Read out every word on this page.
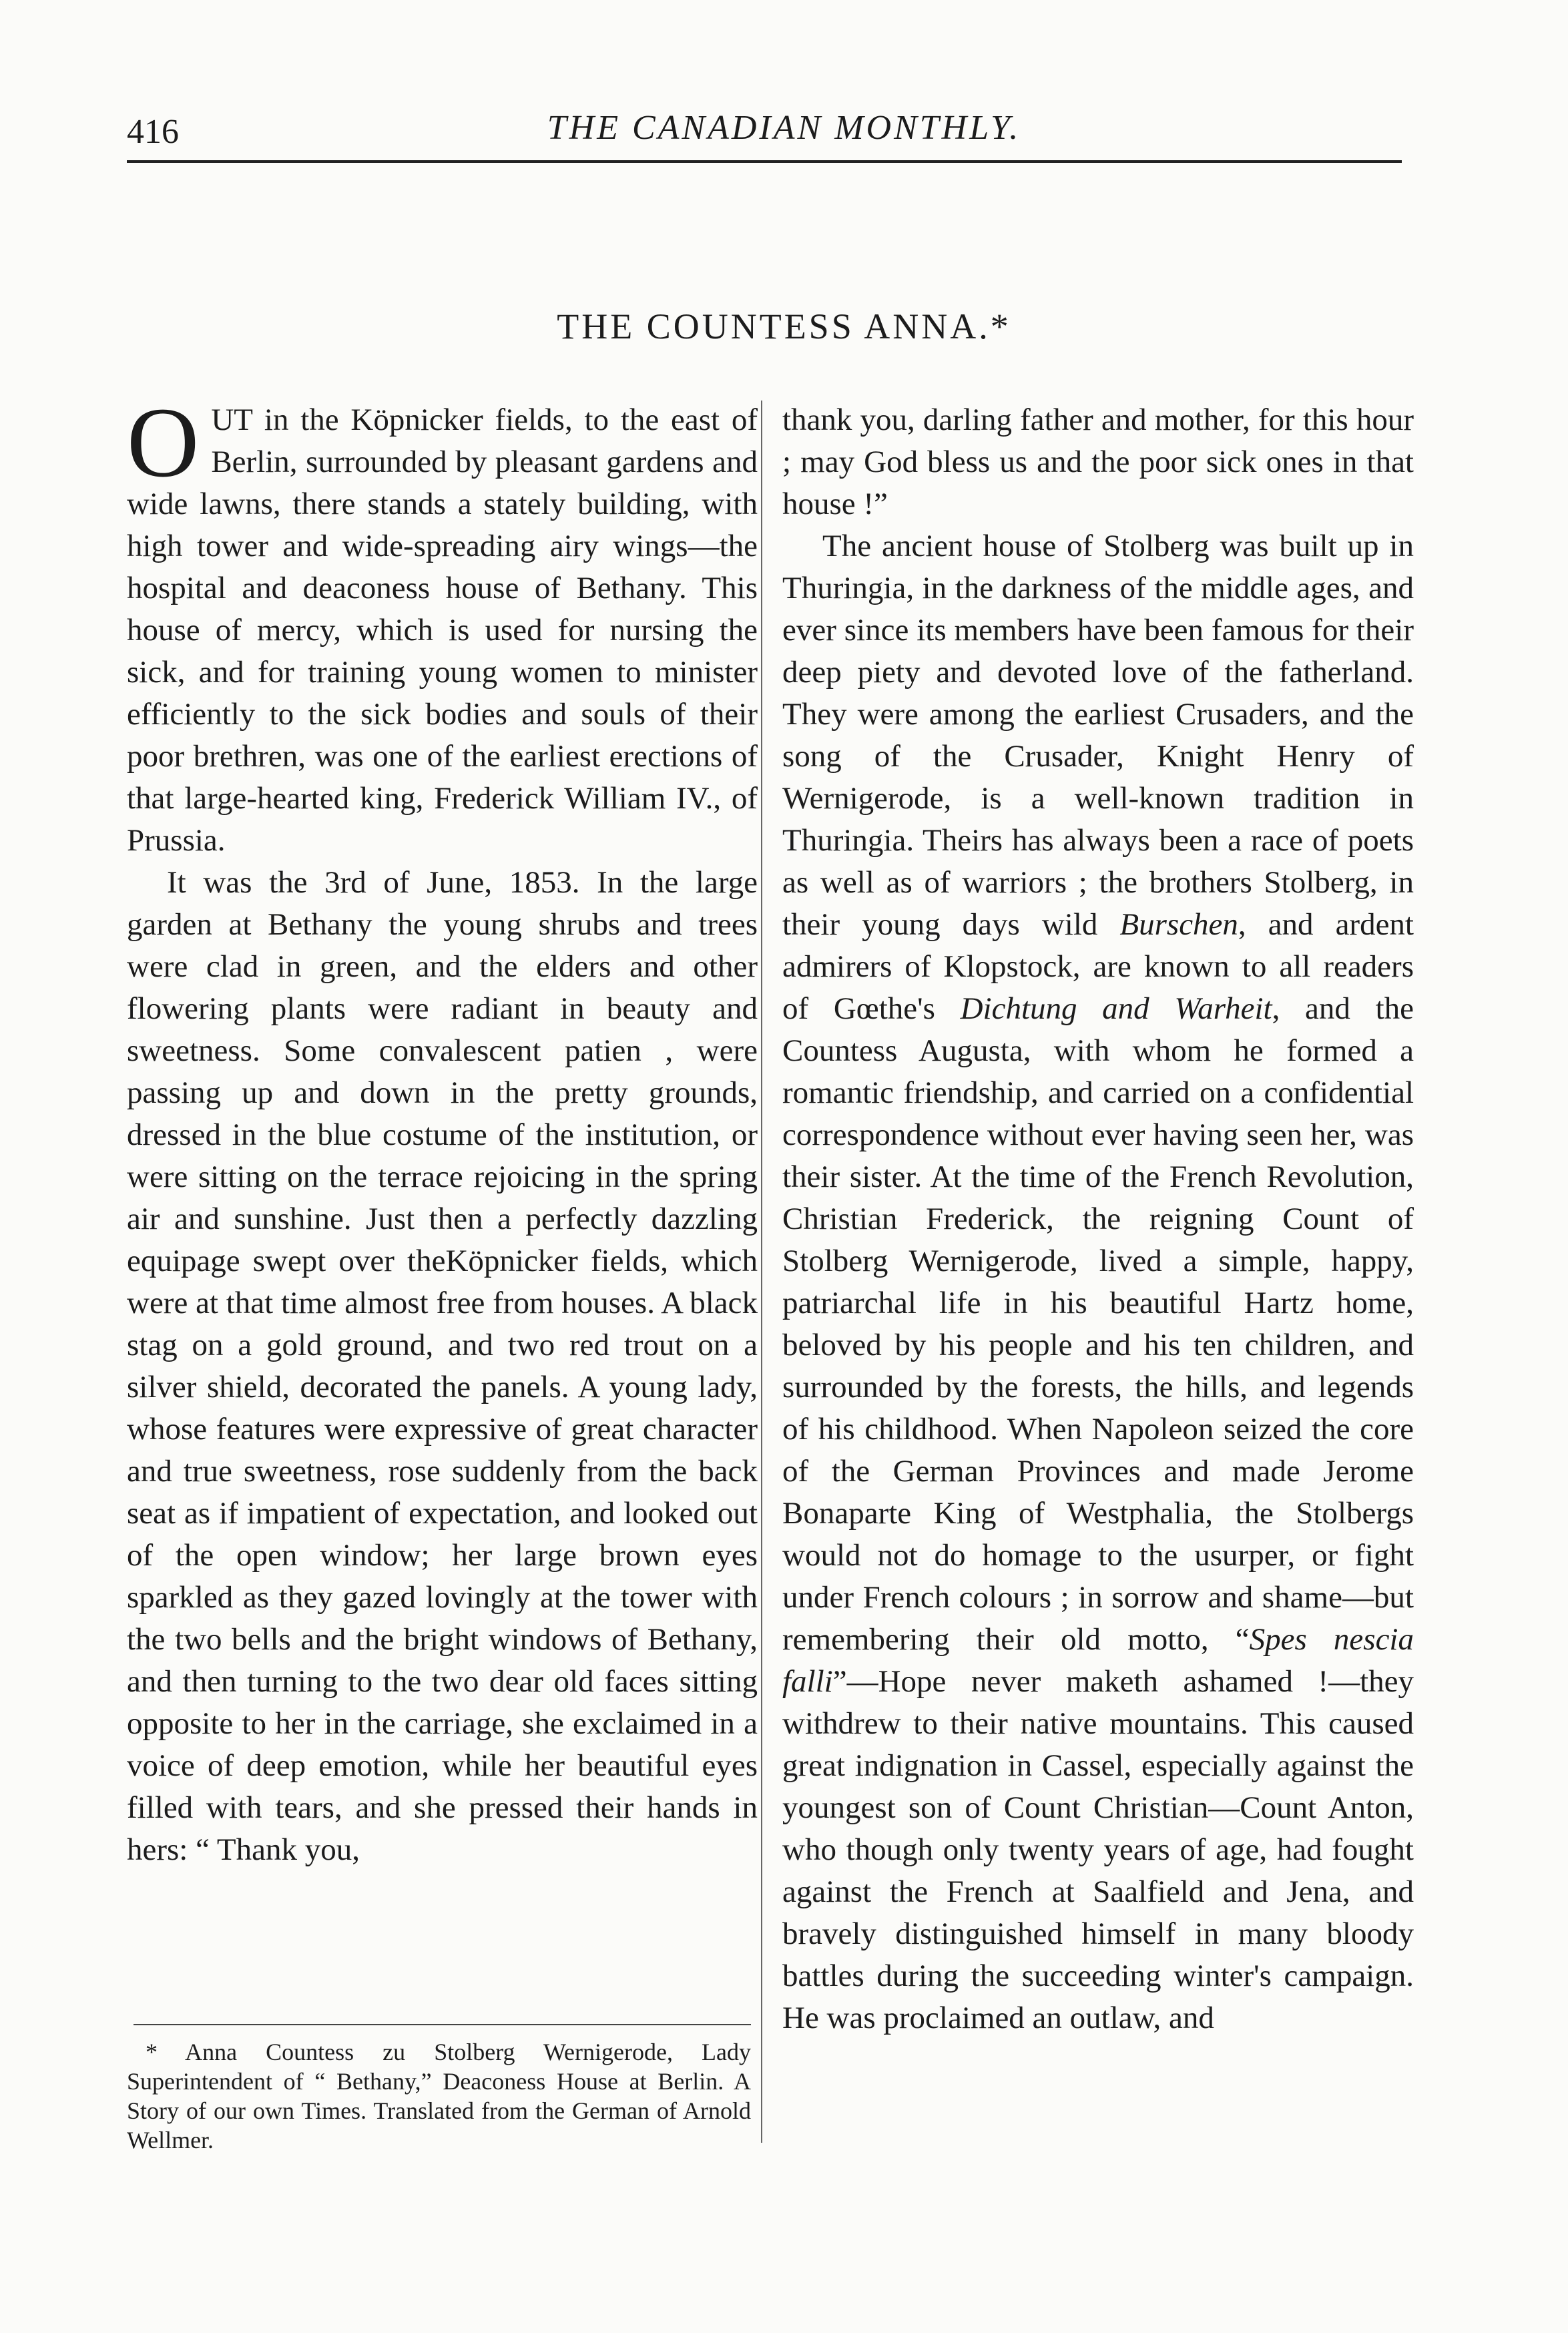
416	THE CANADIAN MONTHLY.
THE COUNTESS ANNA.*

OUT in the Köpnicker fields, to the east of Berlin, surrounded by pleasant gardens and wide lawns, there stands a stately building, with high tower and wide-spreading airy wings—the hospital and deaconess house of Bethany. This house of mercy, which is used for nursing the sick, and for training young women to minister efficiently to the sick bodies and souls of their poor brethren, was one of the earliest erections of that large-hearted king, Frederick William IV., of Prussia.

It was the 3rd of June, 1853. In the large garden at Bethany the young shrubs and trees were clad in green, and the elders and other flowering plants were radiant in beauty and sweetness. Some convalescent patien , were passing up and down in the pretty grounds, dressed in the blue costume of the institution, or were sitting on the terrace rejoicing in the spring air and sunshine. Just then a perfectly dazzling equipage swept over theKöpnicker fields, which were at that time almost free from houses. A black stag on a gold ground, and two red trout on a silver shield, decorated the panels. A young lady, whose features were expressive of great character and true sweetness, rose suddenly from the back seat as if impatient of expectation, and looked out of the open window; her large brown eyes sparkled as they gazed lovingly at the tower with the two bells and the bright windows of Bethany, and then turning to the two dear old faces sitting opposite to her in the carriage, she exclaimed in a voice of deep emotion, while her beautiful eyes filled with tears, and she pressed their hands in hers: “ Thank you,

thank you, darling father and mother, for this hour ; may God bless us and the poor sick ones in that house !”

The ancient house of Stolberg was built up in Thuringia, in the darkness of the middle ages, and ever since its members have been famous for their deep piety and devoted love of the fatherland. They were among the earliest Crusaders, and the song of the Crusader, Knight Henry of Wernigerode, is a well-known tradition in Thuringia. Theirs has always been a race of poets as well as of warriors ; the brothers Stolberg, in their young days wild Burschen, and ardent admirers of Klopstock, are known to all readers of Gœthe's Dichtung and Warheit, and the Countess Augusta, with whom he formed a romantic friendship, and carried on a confidential correspondence without ever having seen her, was their sister. At the time of the French Revolution, Christian Frederick, the reigning Count of Stolberg Wernigerode, lived a simple, happy, patriarchal life in his beautiful Hartz home, beloved by his people and his ten children, and surrounded by the forests, the hills, and legends of his childhood. When Napoleon seized the core of the German Provinces and made Jerome Bonaparte King of Westphalia, the Stolbergs would not do homage to the usurper, or fight under French colours ; in sorrow and shame—but remembering their old motto, “Spes nescia falli”—Hope never maketh ashamed !—they withdrew to their native mountains. This caused great indignation in Cassel, especially against the youngest son of Count Christian—Count Anton, who though only twenty years of age, had fought against the French at Saalfield and Jena, and bravely distinguished himself in many bloody battles during the succeeding winter's campaign. He was proclaimed an outlaw, and

* Anna Countess zu Stolberg Wernigerode, Lady Superintendent of “ Bethany,” Deaconess House at Berlin. A Story of our own Times. Translated from the German of Arnold Wellmer.
